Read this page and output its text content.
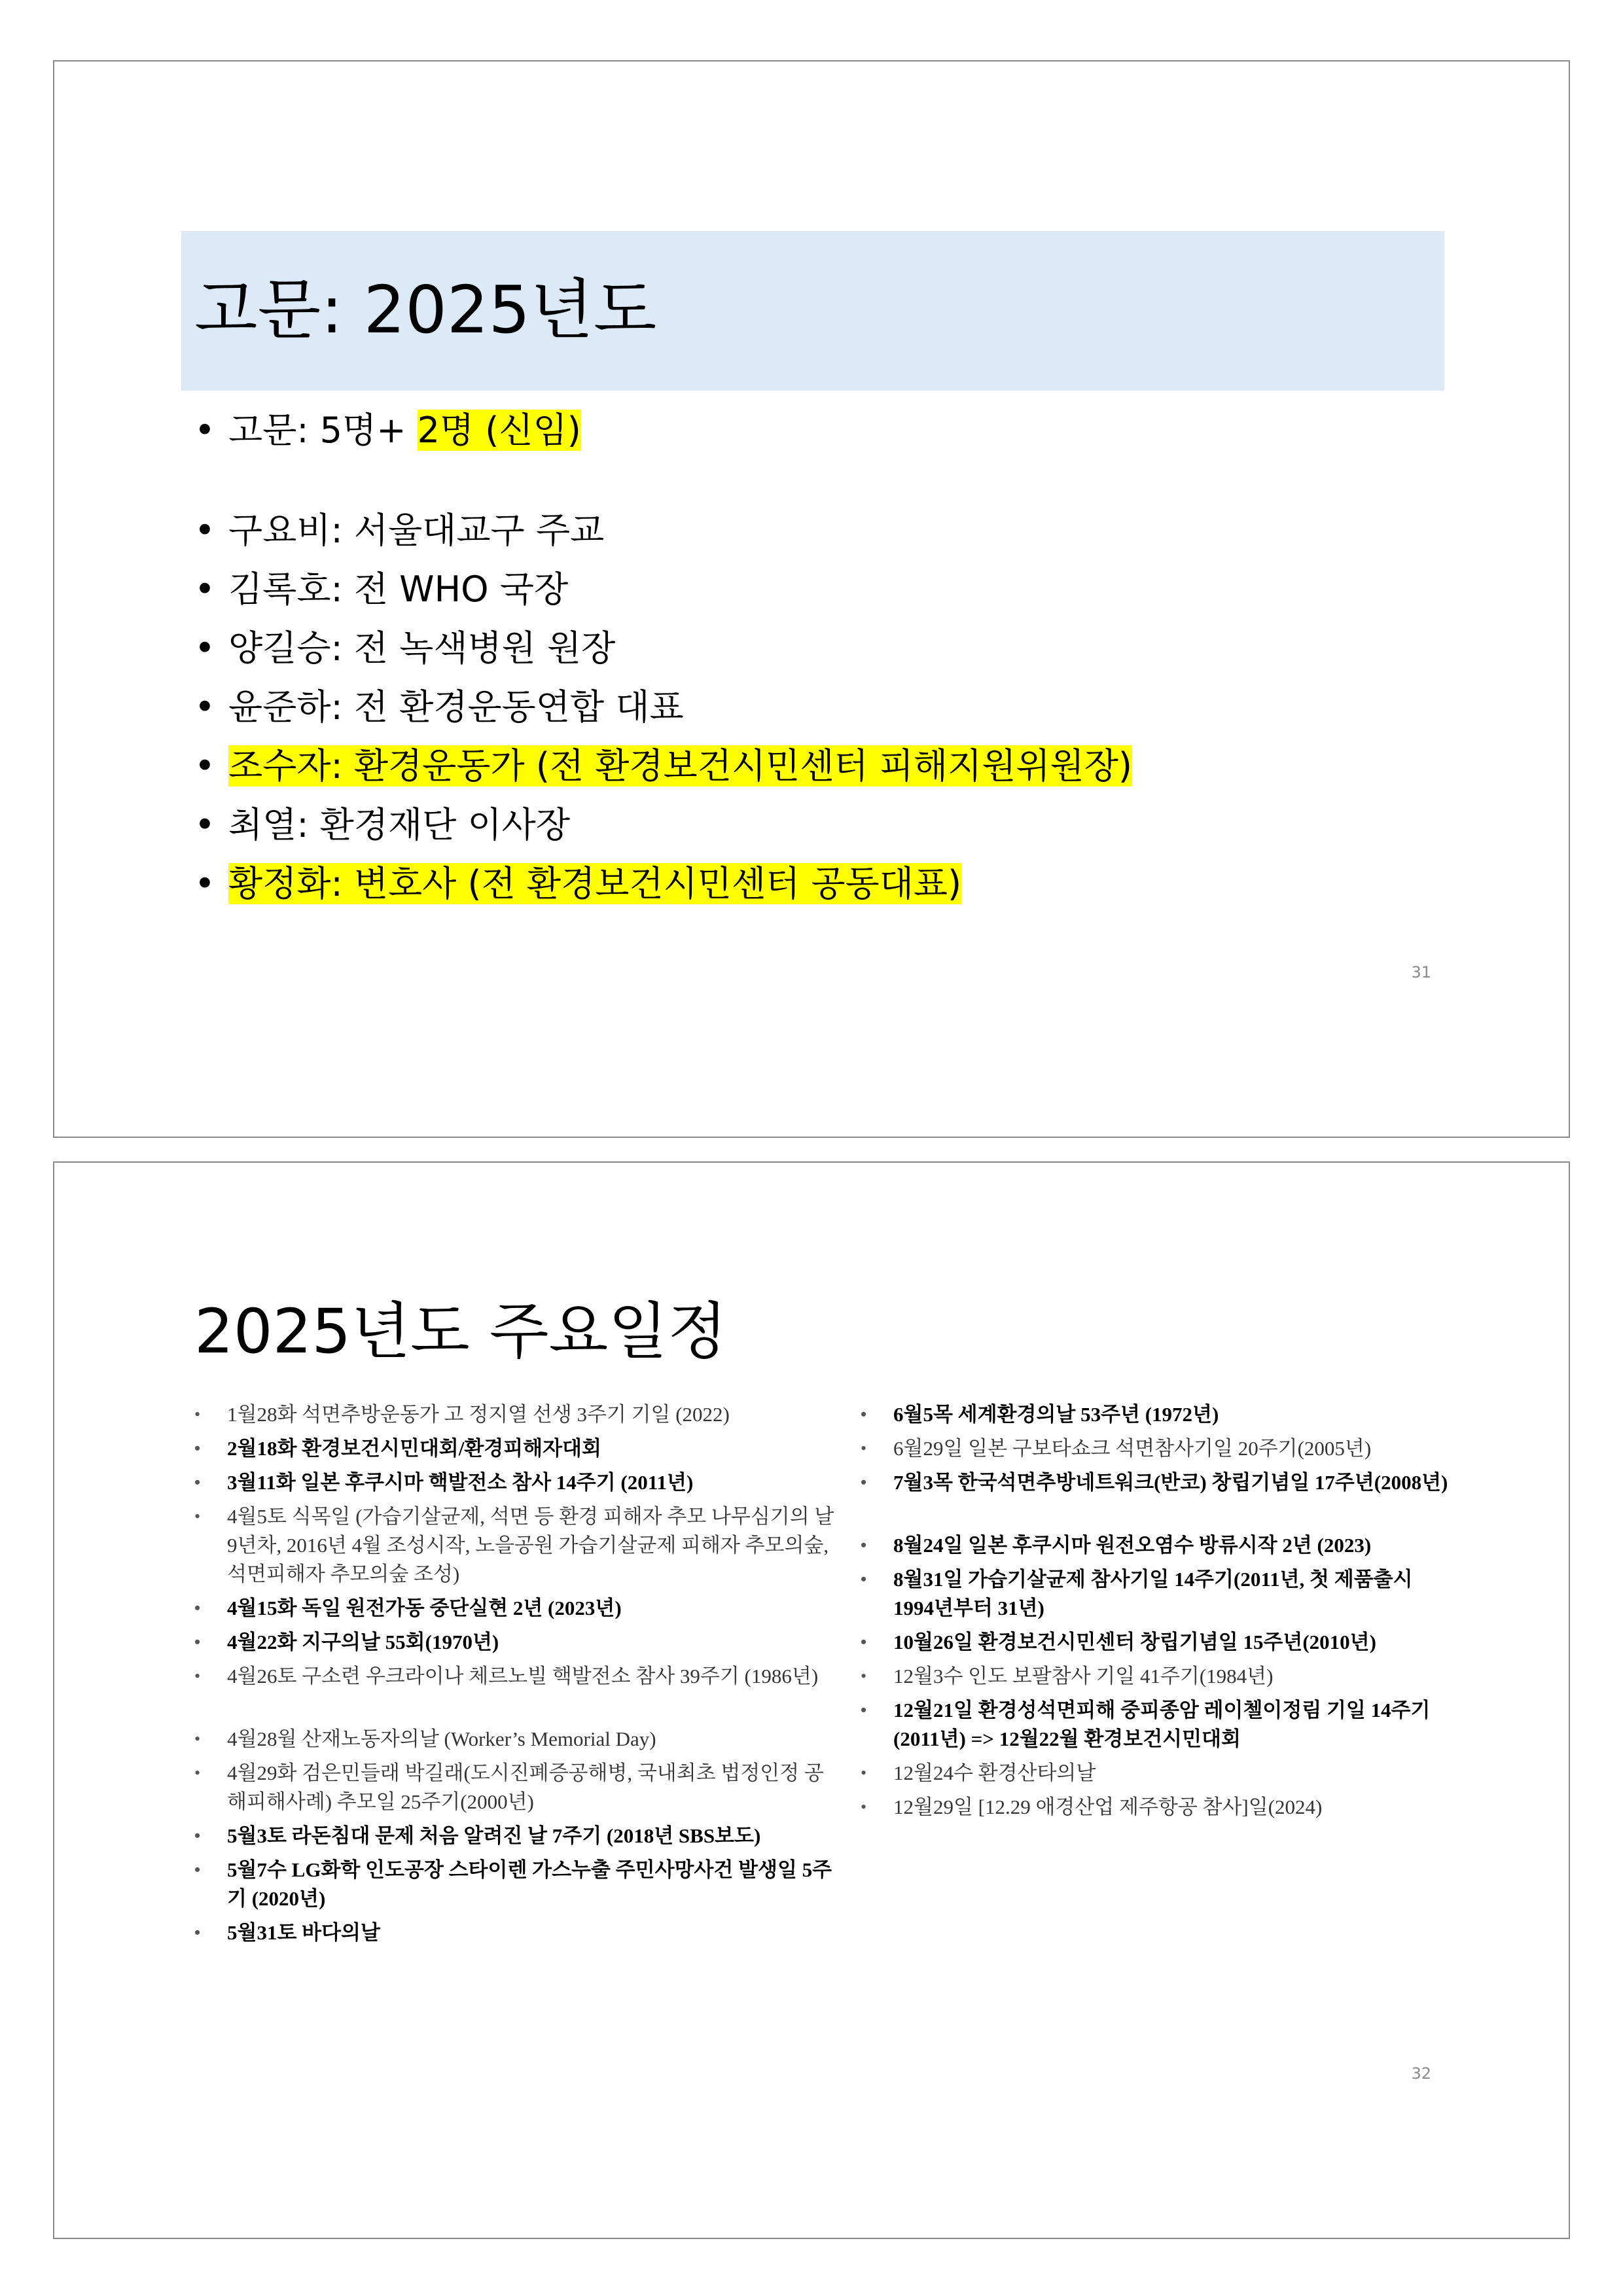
고문: 2025년도
• 고문: 5명+ 2명 (신임)
• 구요비: 서울대교구 주교
• 김록호: 전 WHO 국장
• 양길승: 전 녹색병원 원장
• 윤준하: 전 환경운동연합 대표
• 조수자: 환경운동가 (전 환경보건시민센터 피해지원위원장)
• 최열: 환경재단 이사장
• 황정화: 변호사 (전 환경보건시민센터 공동대표)
31
2025년도 주요일정
• 1월28화 석면추방운동가 고 정지열 선생 3주기 기일 (2022)
• 2월18화 환경보건시민대회/환경피해자대회
• 3월11화 일본 후쿠시마 핵발전소 참사 14주기 (2011년)
• 4월5토 식목일 (가습기살균제, 석면 등 환경 피해자 추모 나무심기의 날 9년차, 2016년 4월 조성시작, 노을공원 가습기살균제 피해자 추모의숲, 석면피해자 추모의숲 조성)
• 4월15화 독일 원전가동 중단실현 2년 (2023년)
• 4월22화 지구의날 55회(1970년)
• 4월26토 구소련 우크라이나 체르노빌 핵발전소 참사 39주기 (1986년)
• 4월28월 산재노동자의날 (Worker’s Memorial Day)
• 4월29화 검은민들래 박길래(도시진폐증공해병, 국내최초 법정인정 공해피해사례) 추모일 25주기(2000년)
• 5월3토 라돈침대 문제 처음 알려진 날 7주기 (2018년 SBS보도)
• 5월7수 LG화학 인도공장 스타이렌 가스누출 주민사망사건 발생일 5주기 (2020년)
• 5월31토 바다의날
• 6월5목 세계환경의날 53주년 (1972년)
• 6월29일 일본 구보타쇼크 석면참사기일 20주기(2005년)
• 7월3목 한국석면추방네트워크(반코) 창립기념일 17주년(2008년)
• 8월24일 일본 후쿠시마 원전오염수 방류시작 2년 (2023)
• 8월31일 가습기살균제 참사기일 14주기(2011년, 첫 제품출시1994년부터 31년)
• 10월26일 환경보건시민센터 창립기념일 15주년(2010년)
• 12월3수 인도 보팔참사 기일 41주기(1984년)
• 12월21일 환경성석면피해 중피종암 레이첼이정림 기일 14주기 (2011년) => 12월22월 환경보건시민대회
• 12월24수 환경산타의날
• 12월29일 [12.29 애경산업 제주항공 참사]일(2024)
32
